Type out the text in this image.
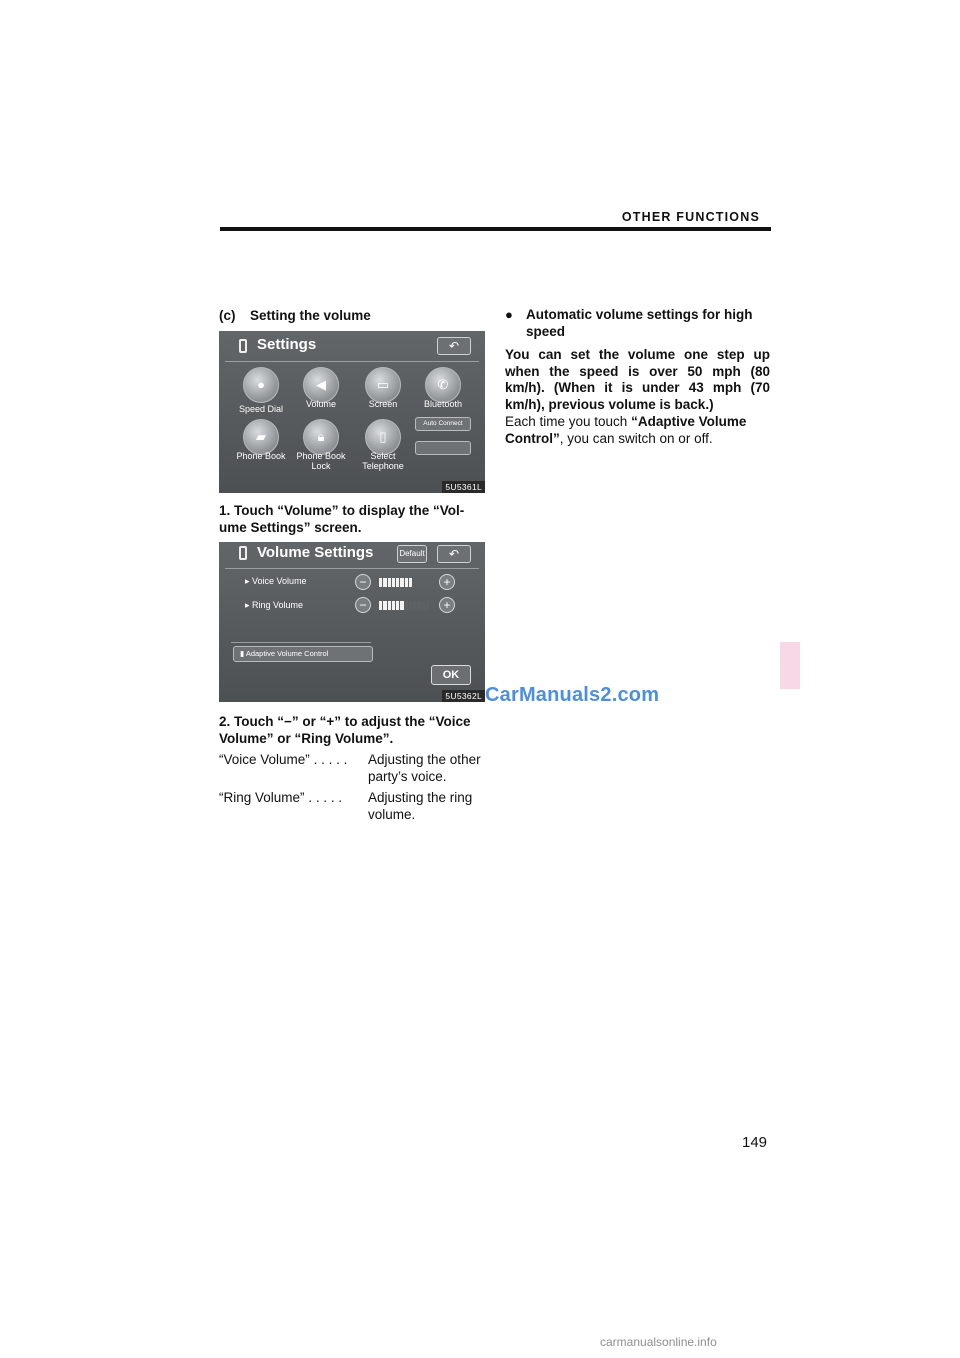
OTHER FUNCTIONS
(c) Setting the volume
Settings	↶
●
Speed Dial
◀
Volume
▭
Screen
✆
Bluetooth
▰
Phone Book
🔒︎
Phone Book Lock
▯
Select Telephone
Auto Connect
5U5361L
1. Touch “Volume” to display the “Vol-ume Settings” screen.
Volume Settings	Default	↶
▸ Voice Volume	−	+
▸ Ring Volume	−	+
▮ Adaptive Volume Control
OK
5U5362L
2. Touch “−” or “+” to adjust the “Voice Volume” or “Ring Volume”.
“Voice Volume” . . . . . Adjusting the other party’s voice.
“Ring Volume” . . . . . Adjusting the ring volume.
● Automatic volume settings for high speed
You can set the volume one step up when the speed is over 50 mph (80 km/h). (When it is under 43 mph (70 km/h), previous volume is back.)
Each time you touch “Adaptive Volume Control”, you can switch on or off.
CarManuals2.com
149
carmanualsonline.info
